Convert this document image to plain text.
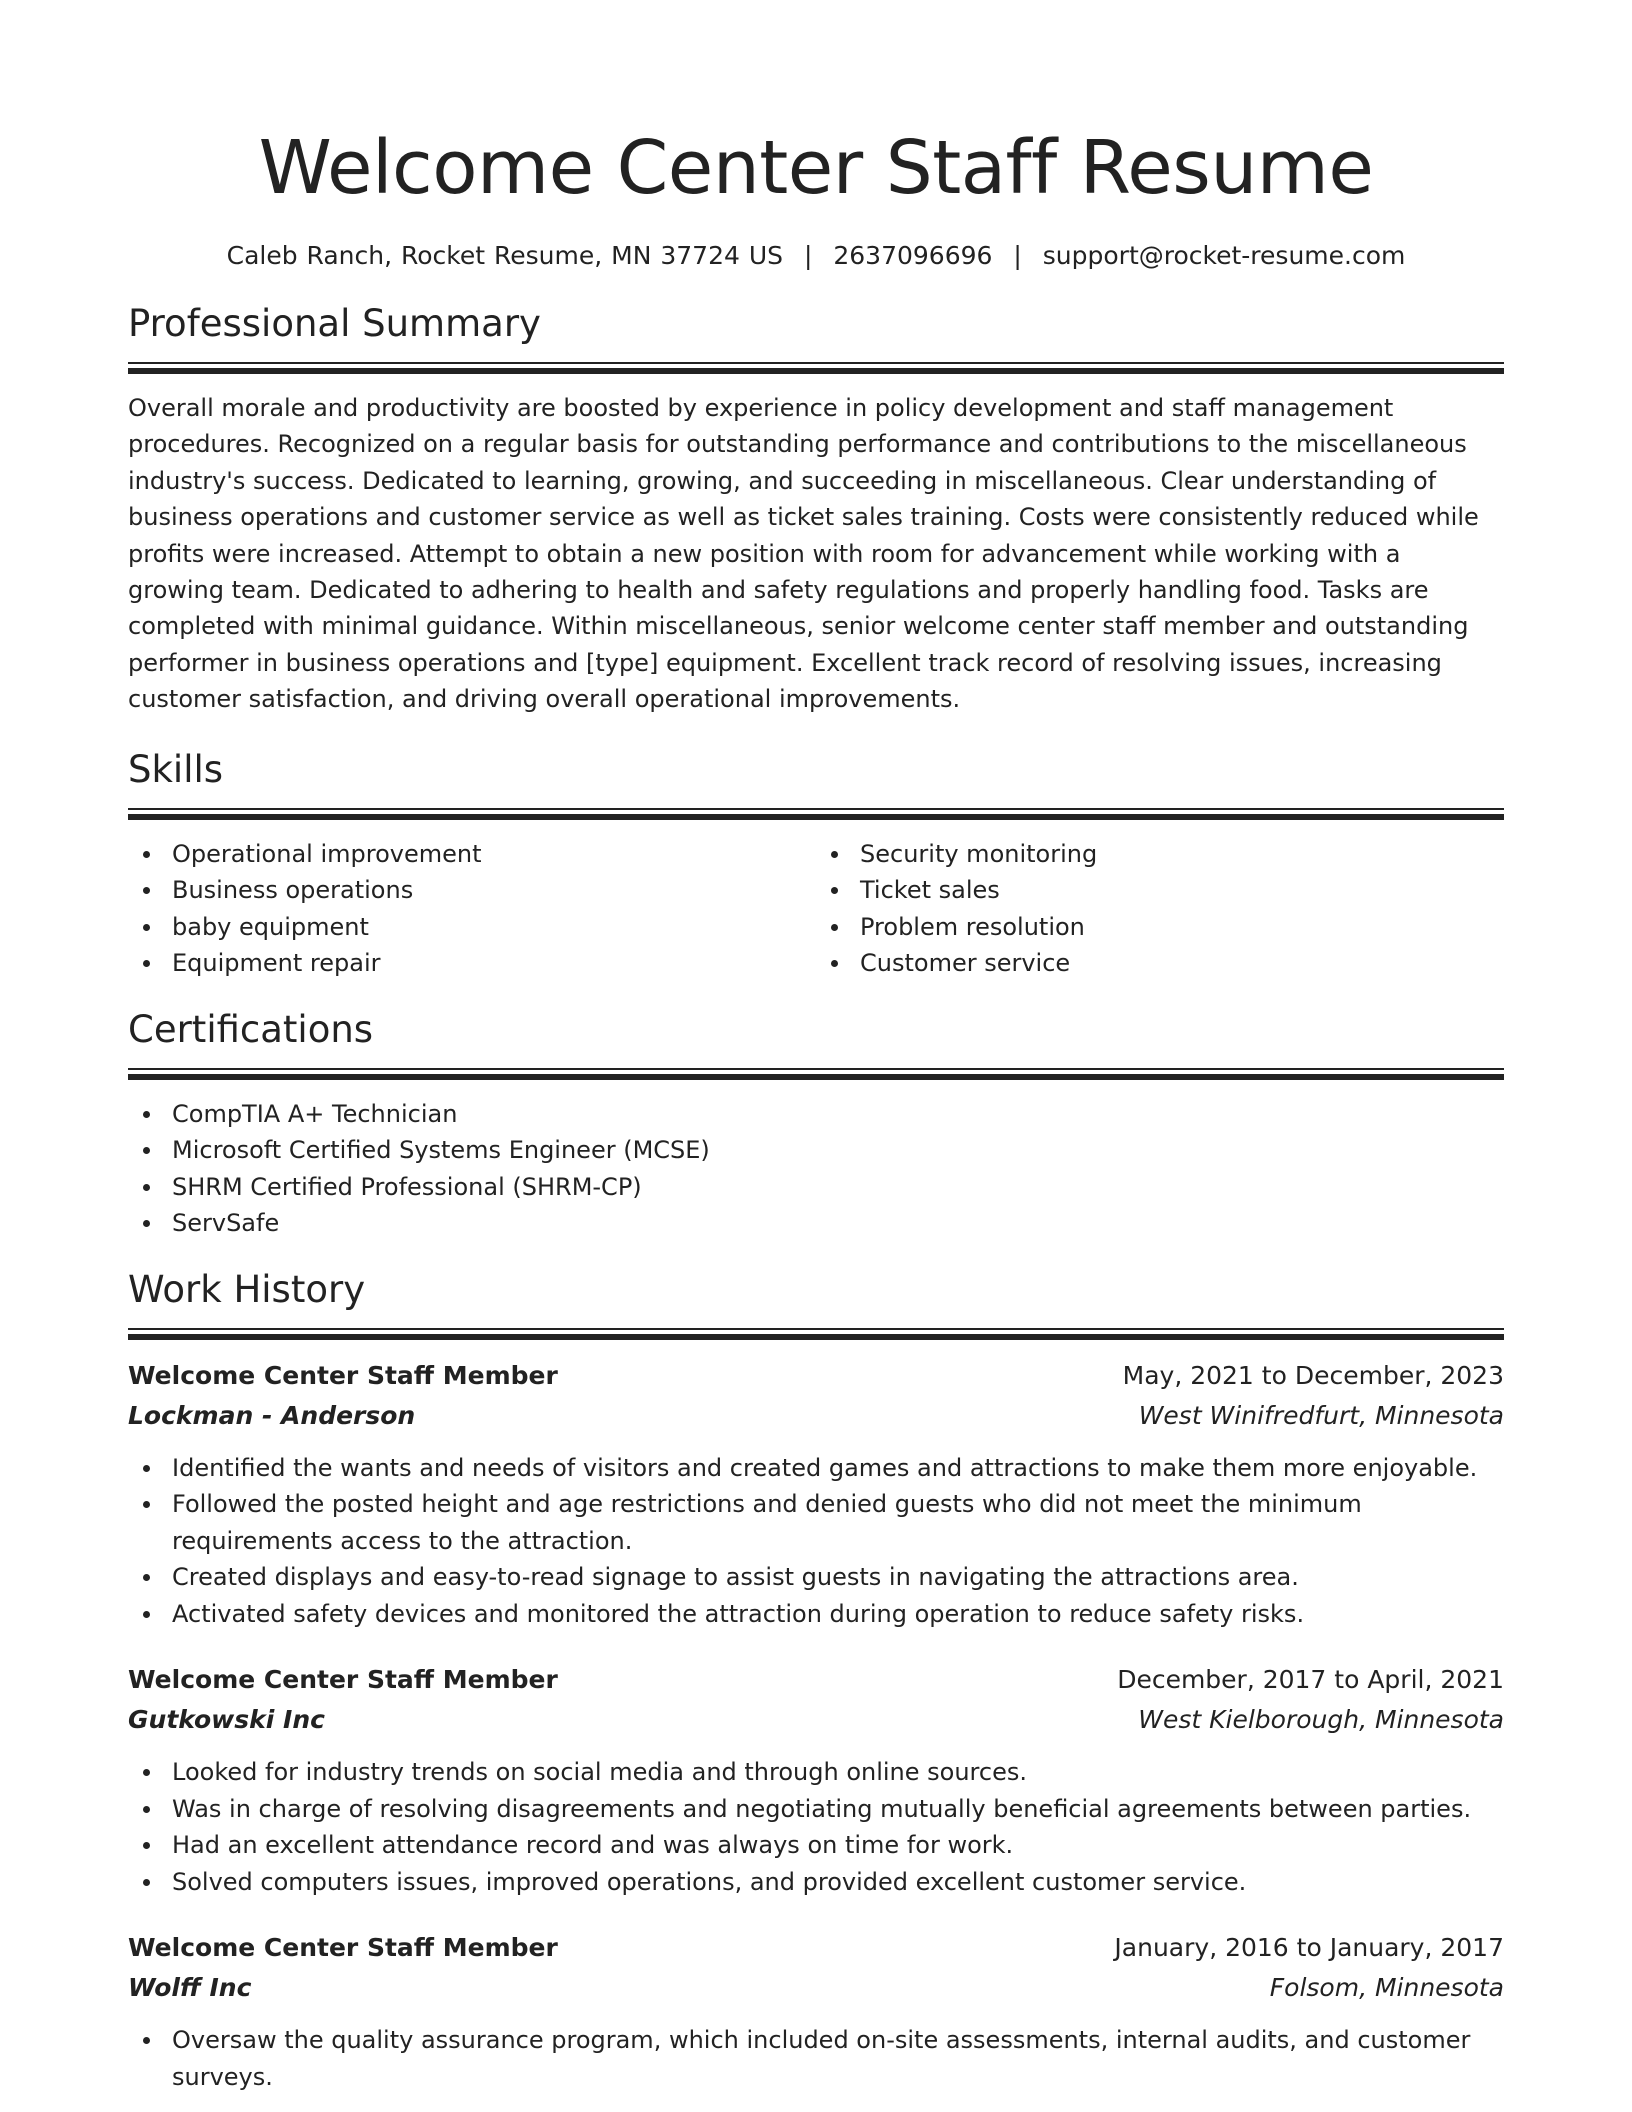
Welcome Center Staff Resume
Caleb Ranch, Rocket Resume, MN 37724 US | 2637096696 | support@rocket-resume.com
Professional Summary

Overall morale and productivity are boosted by experience in policy development and staff management procedures. Recognized on a regular basis for outstanding performance and contributions to the miscellaneous industry's success. Dedicated to learning, growing, and succeeding in miscellaneous. Clear understanding of business operations and customer service as well as ticket sales training. Costs were consistently reduced while profits were increased. Attempt to obtain a new position with room for advancement while working with a growing team. Dedicated to adhering to health and safety regulations and properly handling food. Tasks are completed with minimal guidance. Within miscellaneous, senior welcome center staff member and outstanding performer in business operations and [type] equipment. Excellent track record of resolving issues, increasing customer satisfaction, and driving overall operational improvements.

Skills
Operational improvement
Business operations
baby equipment
Equipment repair
Security monitoring
Ticket sales
Problem resolution
Customer service
Certifications
CompTIA A+ Technician
Microsoft Certified Systems Engineer (MCSE)
SHRM Certified Professional (SHRM-CP)
ServSafe
Work History
Welcome Center Staff Member	May, 2021 to December, 2023
Lockman - Anderson	West Winifredfurt, Minnesota
Identified the wants and needs of visitors and created games and attractions to make them more enjoyable.
Followed the posted height and age restrictions and denied guests who did not meet the minimum requirements access to the attraction.
Created displays and easy-to-read signage to assist guests in navigating the attractions area.
Activated safety devices and monitored the attraction during operation to reduce safety risks.
Welcome Center Staff Member	December, 2017 to April, 2021
Gutkowski Inc	West Kielborough, Minnesota
Looked for industry trends on social media and through online sources.
Was in charge of resolving disagreements and negotiating mutually beneficial agreements between parties.
Had an excellent attendance record and was always on time for work.
Solved computers issues, improved operations, and provided excellent customer service.
Welcome Center Staff Member	January, 2016 to January, 2017
Wolff Inc	Folsom, Minnesota
Oversaw the quality assurance program, which included on-site assessments, internal audits, and customer surveys.
